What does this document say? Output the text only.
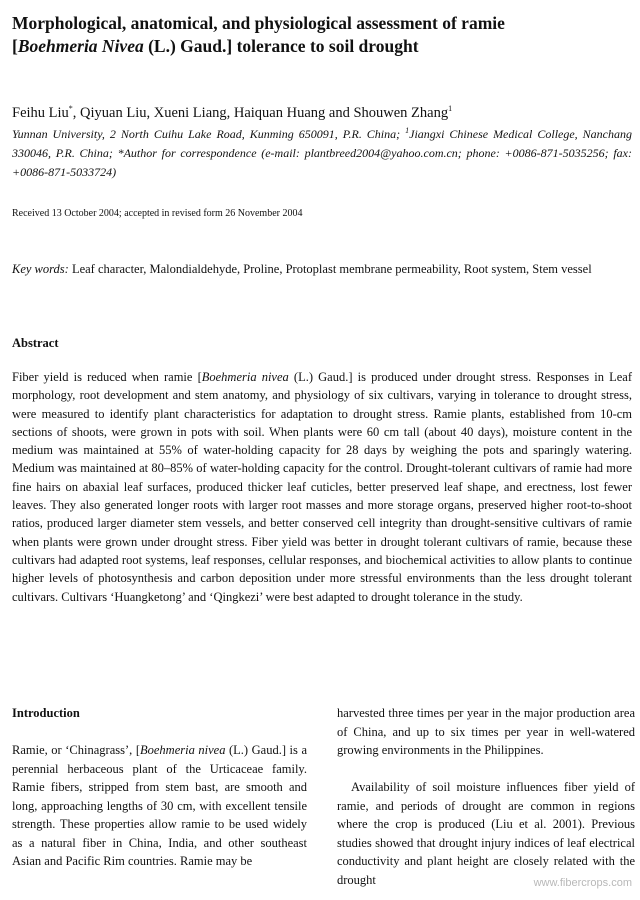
Morphological, anatomical, and physiological assessment of ramie
[Boehmeria Nivea (L.) Gaud.] tolerance to soil drought
Feihu Liu*, Qiyuan Liu, Xueni Liang, Haiquan Huang and Shouwen Zhang$^1$
Yunnan University, 2 North Cuihu Lake Road, Kunming 650091, P.R. China; $^1$Jiangxi Chinese Medical College, Nanchang 330046, P.R. China; *Author for correspondence (e-mail: plantbreed2004@yahoo.com.cn; phone: +0086-871-5035256; fax: +0086-871-5033724)
Received 13 October 2004; accepted in revised form 26 November 2004
Key words: Leaf character, Malondialdehyde, Proline, Protoplast membrane permeability, Root system, Stem vessel
Abstract

Fiber yield is reduced when ramie [Boehmeria nivea (L.) Gaud.] is produced under drought stress. Responses in Leaf morphology, root development and stem anatomy, and physiology of six cultivars, varying in tolerance to drought stress, were measured to identify plant characteristics for adaptation to drought stress. Ramie plants, established from 10-cm sections of shoots, were grown in pots with soil. When plants were 60 cm tall (about 40 days), moisture content in the medium was maintained at 55% of water-holding capacity for 28 days by weighing the pots and sparingly watering. Medium was maintained at 80–85% of water-holding capacity for the control. Drought-tolerant cultivars of ramie had more fine hairs on abaxial leaf surfaces, produced thicker leaf cuticles, better preserved leaf shape, and erectness, lost fewer leaves. They also generated longer roots with larger root masses and more storage organs, preserved higher root-to-shoot ratios, produced larger diameter stem vessels, and better conserved cell integrity than drought-sensitive cultivars of ramie when plants were grown under drought stress. Fiber yield was better in drought tolerant cultivars of ramie, because these cultivars had adapted root systems, leaf responses, cellular responses, and biochemical activities to allow plants to continue higher levels of photosynthesis and carbon deposition under more stressful environments than the less drought tolerant cultivars. Cultivars ‘Huangketong’ and ‘Qingkezi’ were best adapted to drought tolerance in the study.

Introduction

Ramie, or ‘Chinagrass’, [Boehmeria nivea (L.) Gaud.] is a perennial herbaceous plant of the Urticaceae family. Ramie fibers, stripped from stem bast, are smooth and long, approaching lengths of 30 cm, with excellent tensile strength. These properties allow ramie to be used widely as a natural fiber in China, India, and other southeast Asian and Pacific Rim countries. Ramie may be

harvested three times per year in the major production area of China, and up to six times per year in well-watered growing environments in the Philippines.

Availability of soil moisture influences fiber yield of ramie, and periods of drought are common in regions where the crop is produced (Liu et al. 2001). Previous studies showed that drought injury indices of leaf electrical conductivity and plant height are closely related with the drought	www.fibercrops.com
